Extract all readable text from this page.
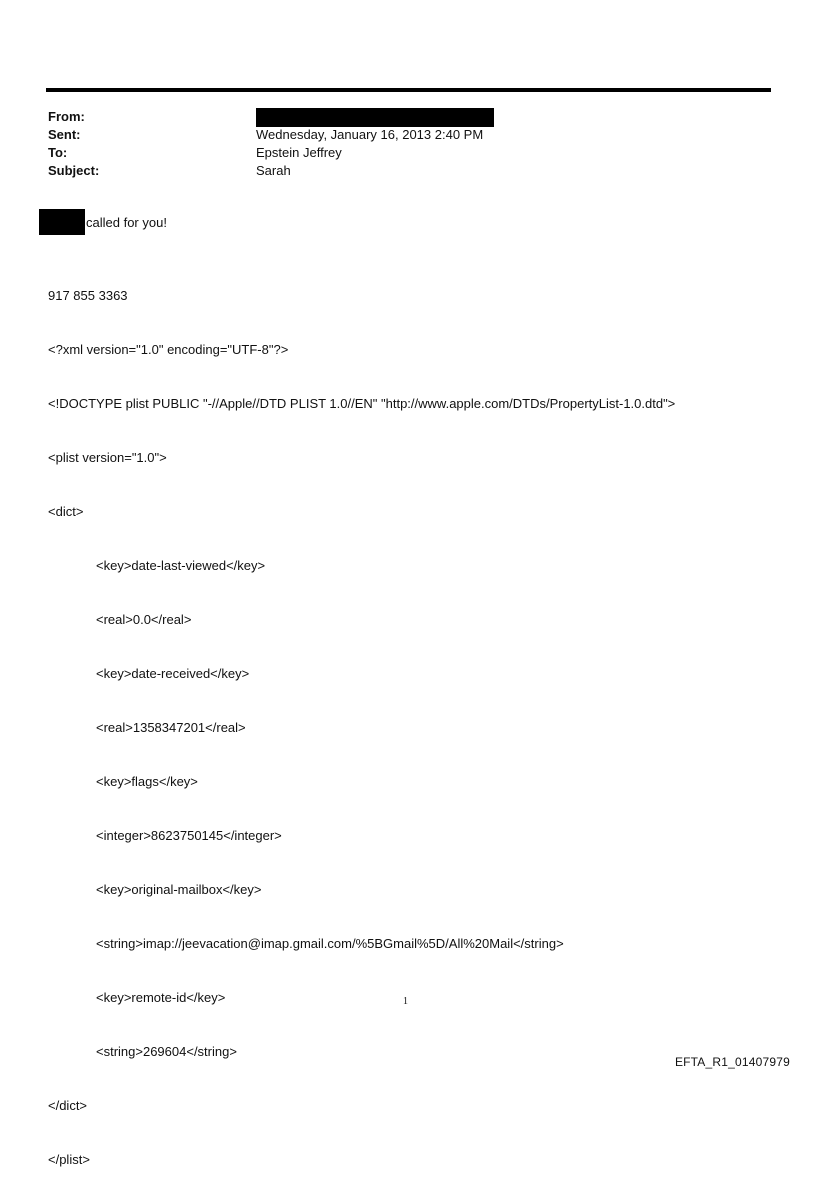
From:
Sent:	Wednesday, January 16, 2013 2:40 PM
To:	Epstein Jeffrey
Subject:	Sarah
called for you!

917 855 3363

<?xml version="1.0" encoding="UTF-8"?>

<!DOCTYPE plist PUBLIC "-//Apple//DTD PLIST 1.0//EN" "http://www.apple.com/DTDs/PropertyList-1.0.dtd">

<plist version="1.0">

<dict>

<key>date-last-viewed</key>

<real>0.0</real>

<key>date-received</key>

<real>1358347201</real>

<key>flags</key>

<integer>8623750145</integer>

<key>original-mailbox</key>

<string>imap://jeevacation@imap.gmail.com/%5BGmail%5D/All%20Mail</string>

<key>remote-id</key>

<string>269604</string>

</dict>

</plist>

1
EFTA_R1_01407979
